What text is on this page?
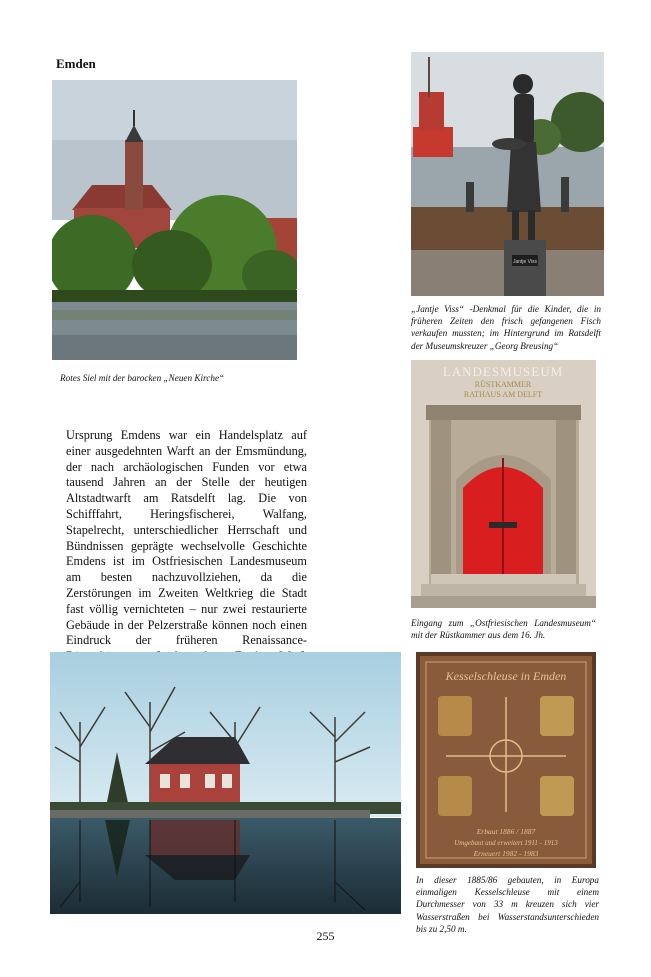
Emden
Rotes Siel mit der barocken „Neuen Kirche“
Jantje Viss
„Jantje Viss“ -Denkmal für die Kinder, die in früheren Zeiten den frisch gefangenen Fisch verkaufen mussten; im Hintergrund im Ratsdelft der Museumskreuzer „Georg Breusing“
LANDESMUSEUM
RÜSTKAMMER
RATHAUS AM DELFT
Eingang zum „Ostfriesischen Landesmuseum“ mit der Rüstkammer aus dem 16. Jh.
Ursprung Emdens war ein Handelsplatz auf einer ausgedehnten Warft an der Emsmündung, der nach archäologischen Funden vor etwa tausend Jahren an der Stelle der heutigen Altstadtwarft am Ratsdelft lag. Die von Schifffahrt, Heringsfischerei, Walfang, Stapelrecht, unterschiedlicher Herrschaft und Bündnissen geprägte wechselvolle Geschichte Emdens ist im Ostfriesischen Landesmuseum am besten nachzuvollziehen, da die Zerstörungen im Zweiten Weltkrieg die Stadt fast völlig vernichteten – nur zwei restaurierte Gebäude in der Pelzerstraße können noch einen Eindruck der früheren Renaissance-
Kesselschleuse in Emden
Erbaut 1886 / 1887
Umgebaut und erweitert 1911 - 1913
Erneuert 1982 - 1983
In dieser 1885/86 gebauten, in Europa einmaligen Kesselschleuse mit einem Durchmesser von 33 m kreuzen sich vier Wasserstraßen bei Wasserstandsunterschieden bis zu 2,50 m.
255
